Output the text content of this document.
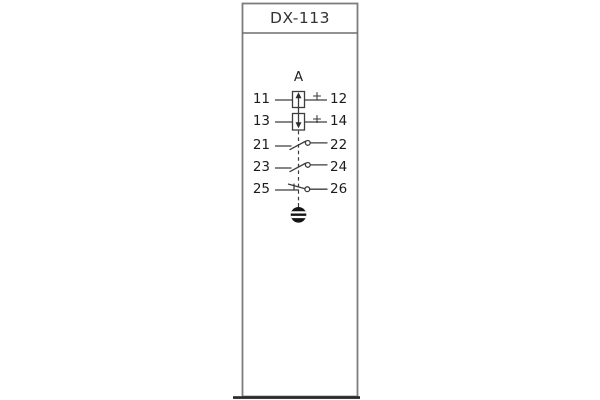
DX-113
A
+
+
11	12
13	14
21	22
23	24
25	26
